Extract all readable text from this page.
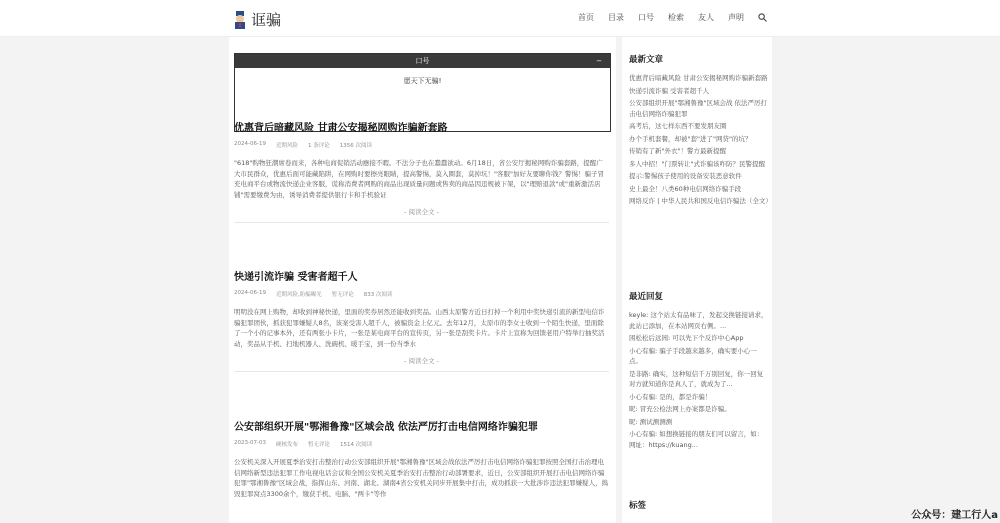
诓骗	首页 目录 口号 检索 友人 声明
口号	−
愿天下无骗!
优惠背后暗藏风险 甘肃公安揭秘网购诈骗新套路
2024-06-19 近期风险 1 条评论 1356 次阅读
"618"购物狂潮席卷而来，各种电商促销活动應接不暇。不法分子也在蠢蠢欲动。6月18日，省公安厅揭秘网购诈骗套路，提醒广大市民群众，优惠后面可能藏陷阱，在网购时要擦亮眼睛，提高警惕，莫入圈套，莫掉坑！"客服"加好友要聊你钱？警惕！骗子冒充电商平台或物流快递企业客服，谎称消费者网购的商品出现质量问题或售卖的商品因违规被下架，以"理赔退款"或"重新激活店铺"需要缴费为由，诱导消费者提供银行卡和手机验证
- 阅读全文 -
快递引流诈骗 受害者超千人
2024-06-19 近期风险,防骗曝光 暂无评论 833 次阅读
明明没在网上购物，却收到神秘快递，里面的奖券居然还能收到奖品。山西太原警方近日打掉一个利用中奖快递引流的新型电信诈骗犯罪团伙，抓获犯罪嫌疑人8名，该案受害人超千人，被骗资金上亿元。去年12月，太原市的李女士收到一个陌生快递，里面除了一个小的记事本外，还有两张小卡片，一张是某电商平台的宣传页，另一张是刮奖卡片。卡片上宣称为回馈老用户特举行抽奖活动，奖品从手机、扫地机器人、洗碗机、暖手宝，到一份当季水
- 阅读全文 -
公安部组织开展"鄂湘鲁豫"区域会战 依法严厉打击电信网络诈骗犯罪
2023-07-03 硬核发布 暂无评论 1514 次阅读
公安机关深入开展夏季治安打击整治行动公安部组织开展"鄂湘鲁豫"区域会战依法严厉打击电信网络诈骗犯罪按照全国打击治理电信网络新型违法犯罪工作电视电话会议和全国公安机关夏季治安打击整治行动部署要求，近日，公安部组织开展打击电信网络诈骗犯罪"鄂湘鲁豫"区域会战，指挥山东、河南、湖北、湖南4省公安机关同步开展集中打击，成功抓获一大批涉诈违法犯罪嫌疑人，捣毁犯罪窝点3300余个，缴获手机、电脑、"两卡"等作
最新文章
优惠背后暗藏风险 甘肃公安揭秘网购诈骗新套路
快递引流诈骗 受害者超千人
公安部组织开展"鄂湘鲁豫"区域会战 依法严厉打击电信网络诈骗犯罪
高考后，这七样东西不要发朋友圈
办个手机套餐，却被"套"进了"网贷"的坑？
传销有了新"外衣"！警方最新提醒
多人中招！"门票转让"式诈骗该咋防？民警提醒
提示:警惕孩子使用的设备安装恶意软件
史上最全！八类60种电信网络诈骗手段
网络反诈 | 中华人民共和国反电信诈骗法（全文）
最近回复
keyle: 这个站太有品味了，发起交换链接请求，此站已添加，在本站网页右侧。...
困松松后远园: 可以先下个反诈中心App
小心有骗: 骗子手段越来越多，确实要小心一点。
是非路: 确实，这种短信千万别回复，你一回复对方就知道你是真人了，就成为了...
小心有骗: 是的，都是诈骗！
昵: 冒充公检法网上办案都是诈骗。
昵: 测试测测测
小心有骗: 如想换链接的朋友们可以留言，如：网址：https://kuang...
标签
公众号：建工行人a
